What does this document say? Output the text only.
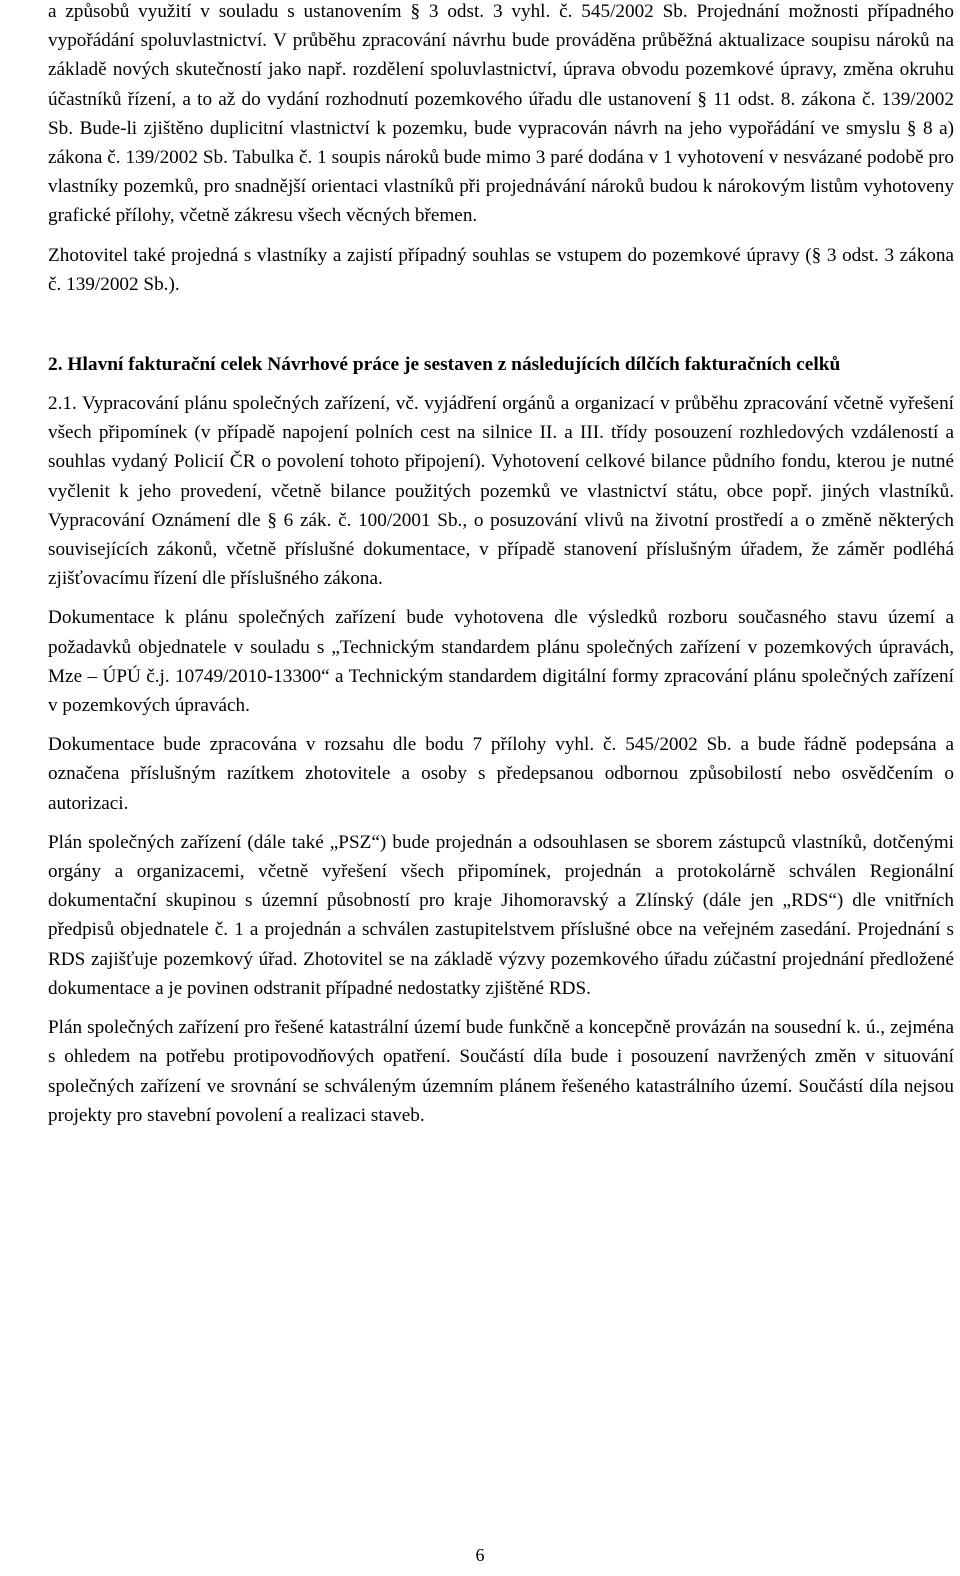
a způsobů využití v souladu s ustanovením § 3 odst. 3 vyhl. č. 545/2002 Sb. Projednání možnosti případného vypořádání spoluvlastnictví. V průběhu zpracování návrhu bude prováděna průběžná aktualizace soupisu nároků na základě nových skutečností jako např. rozdělení spoluvlastnictví, úprava obvodu pozemkové úpravy, změna okruhu účastníků řízení, a to až do vydání rozhodnutí pozemkového úřadu dle ustanovení § 11 odst. 8. zákona č. 139/2002 Sb. Bude-li zjištěno duplicitní vlastnictví k pozemku, bude vypracován návrh na jeho vypořádání ve smyslu § 8 a) zákona č. 139/2002 Sb. Tabulka č. 1 soupis nároků bude mimo 3 paré dodána v 1 vyhotovení v nesvázané podobě pro vlastníky pozemků, pro snadnější orientaci vlastníků při projednávání nároků budou k nárokovým listům vyhotoveny grafické přílohy, včetně zákresu všech věcných břemen.

Zhotovitel také projedná s vlastníky a zajistí případný souhlas se vstupem do pozemkové úpravy (§ 3 odst. 3 zákona č. 139/2002 Sb.).

2. Hlavní fakturační celek Návrhové práce je sestaven z následujících dílčích fakturačních celků

2.1. Vypracování plánu společných zařízení, vč. vyjádření orgánů a organizací v průběhu zpracování včetně vyřešení všech připomínek (v případě napojení polních cest na silnice II. a III. třídy posouzení rozhledových vzdáleností a souhlas vydaný Policií ČR o povolení tohoto připojení). Vyhotovení celkové bilance půdního fondu, kterou je nutné vyčlenit k jeho provedení, včetně bilance použitých pozemků ve vlastnictví státu, obce popř. jiných vlastníků. Vypracování Oznámení dle § 6 zák. č. 100/2001 Sb., o posuzování vlivů na životní prostředí a o změně některých souvisejících zákonů, včetně příslušné dokumentace, v případě stanovení příslušným úřadem, že záměr podléhá zjišťovacímu řízení dle příslušného zákona.

Dokumentace k plánu společných zařízení bude vyhotovena dle výsledků rozboru současného stavu území a požadavků objednatele v souladu s „Technickým standardem plánu společných zařízení v pozemkových úpravách, Mze – ÚPÚ č.j. 10749/2010-13300“ a Technickým standardem digitální formy zpracování plánu společných zařízení v pozemkových úpravách.

Dokumentace bude zpracována v rozsahu dle bodu 7 přílohy vyhl. č. 545/2002 Sb. a bude řádně podepsána a označena příslušným razítkem zhotovitele a osoby s předepsanou odbornou způsobilostí nebo osvědčením o autorizaci.

Plán společných zařízení (dále také „PSZ“) bude projednán a odsouhlasen se sborem zástupců vlastníků, dotčenými orgány a organizacemi, včetně vyřešení všech připomínek, projednán a protokolárně schválen Regionální dokumentační skupinou s územní působností pro kraje Jihomoravský a Zlínský (dále jen „RDS“) dle vnitřních předpisů objednatele č. 1 a projednán a schválen zastupitelstvem příslušné obce na veřejném zasedání. Projednání s RDS zajišťuje pozemkový úřad. Zhotovitel se na základě výzvy pozemkového úřadu zúčastní projednání předložené dokumentace a je povinen odstranit případné nedostatky zjištěné RDS.

Plán společných zařízení pro řešené katastrální území bude funkčně a koncepčně provázán na sousední k. ú., zejména s ohledem na potřebu protipovodňových opatření. Součástí díla bude i posouzení navržených změn v situování společných zařízení ve srovnání se schváleným územním plánem řešeného katastrálního území. Součástí díla nejsou projekty pro stavební povolení a realizaci staveb.

6
